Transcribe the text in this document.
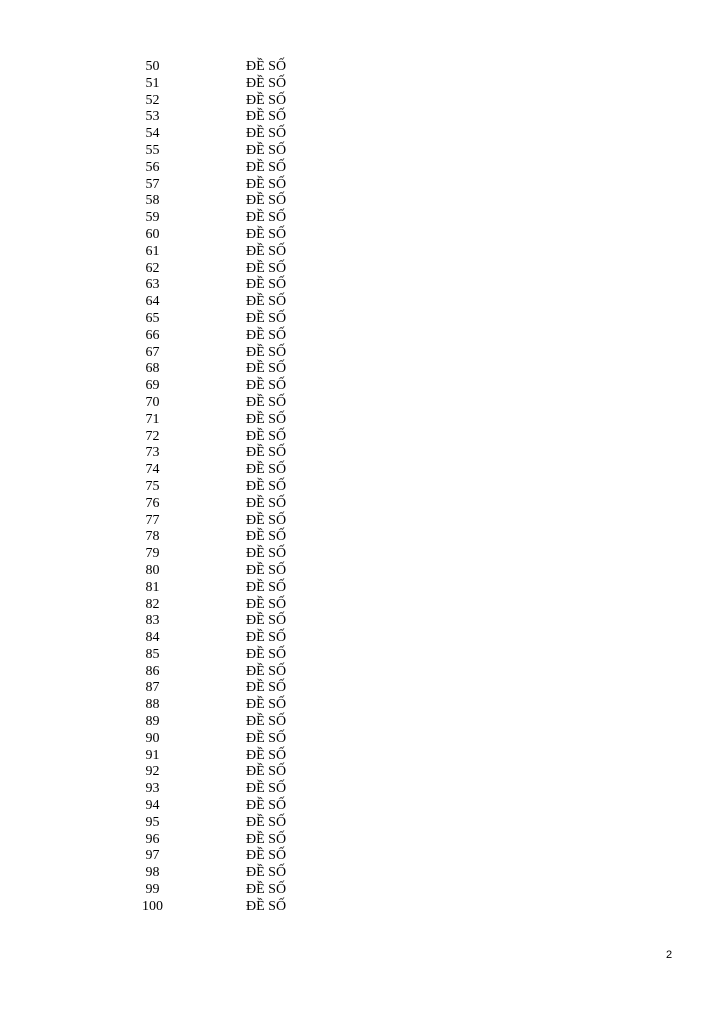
50	ĐỀ SỐ
51	ĐỀ SỐ
52	ĐỀ SỐ
53	ĐỀ SỐ
54	ĐỀ SỐ
55	ĐỀ SỐ
56	ĐỀ SỐ
57	ĐỀ SỐ
58	ĐỀ SỐ
59	ĐỀ SỐ
60	ĐỀ SỐ
61	ĐỀ SỐ
62	ĐỀ SỐ
63	ĐỀ SỐ
64	ĐỀ SỐ
65	ĐỀ SỐ
66	ĐỀ SỐ
67	ĐỀ SỐ
68	ĐỀ SỐ
69	ĐỀ SỐ
70	ĐỀ SỐ
71	ĐỀ SỐ
72	ĐỀ SỐ
73	ĐỀ SỐ
74	ĐỀ SỐ
75	ĐỀ SỐ
76	ĐỀ SỐ
77	ĐỀ SỐ
78	ĐỀ SỐ
79	ĐỀ SỐ
80	ĐỀ SỐ
81	ĐỀ SỐ
82	ĐỀ SỐ
83	ĐỀ SỐ
84	ĐỀ SỐ
85	ĐỀ SỐ
86	ĐỀ SỐ
87	ĐỀ SỐ
88	ĐỀ SỐ
89	ĐỀ SỐ
90	ĐỀ SỐ
91	ĐỀ SỐ
92	ĐỀ SỐ
93	ĐỀ SỐ
94	ĐỀ SỐ
95	ĐỀ SỐ
96	ĐỀ SỐ
97	ĐỀ SỐ
98	ĐỀ SỐ
99	ĐỀ SỐ
100	ĐỀ SỐ
2
